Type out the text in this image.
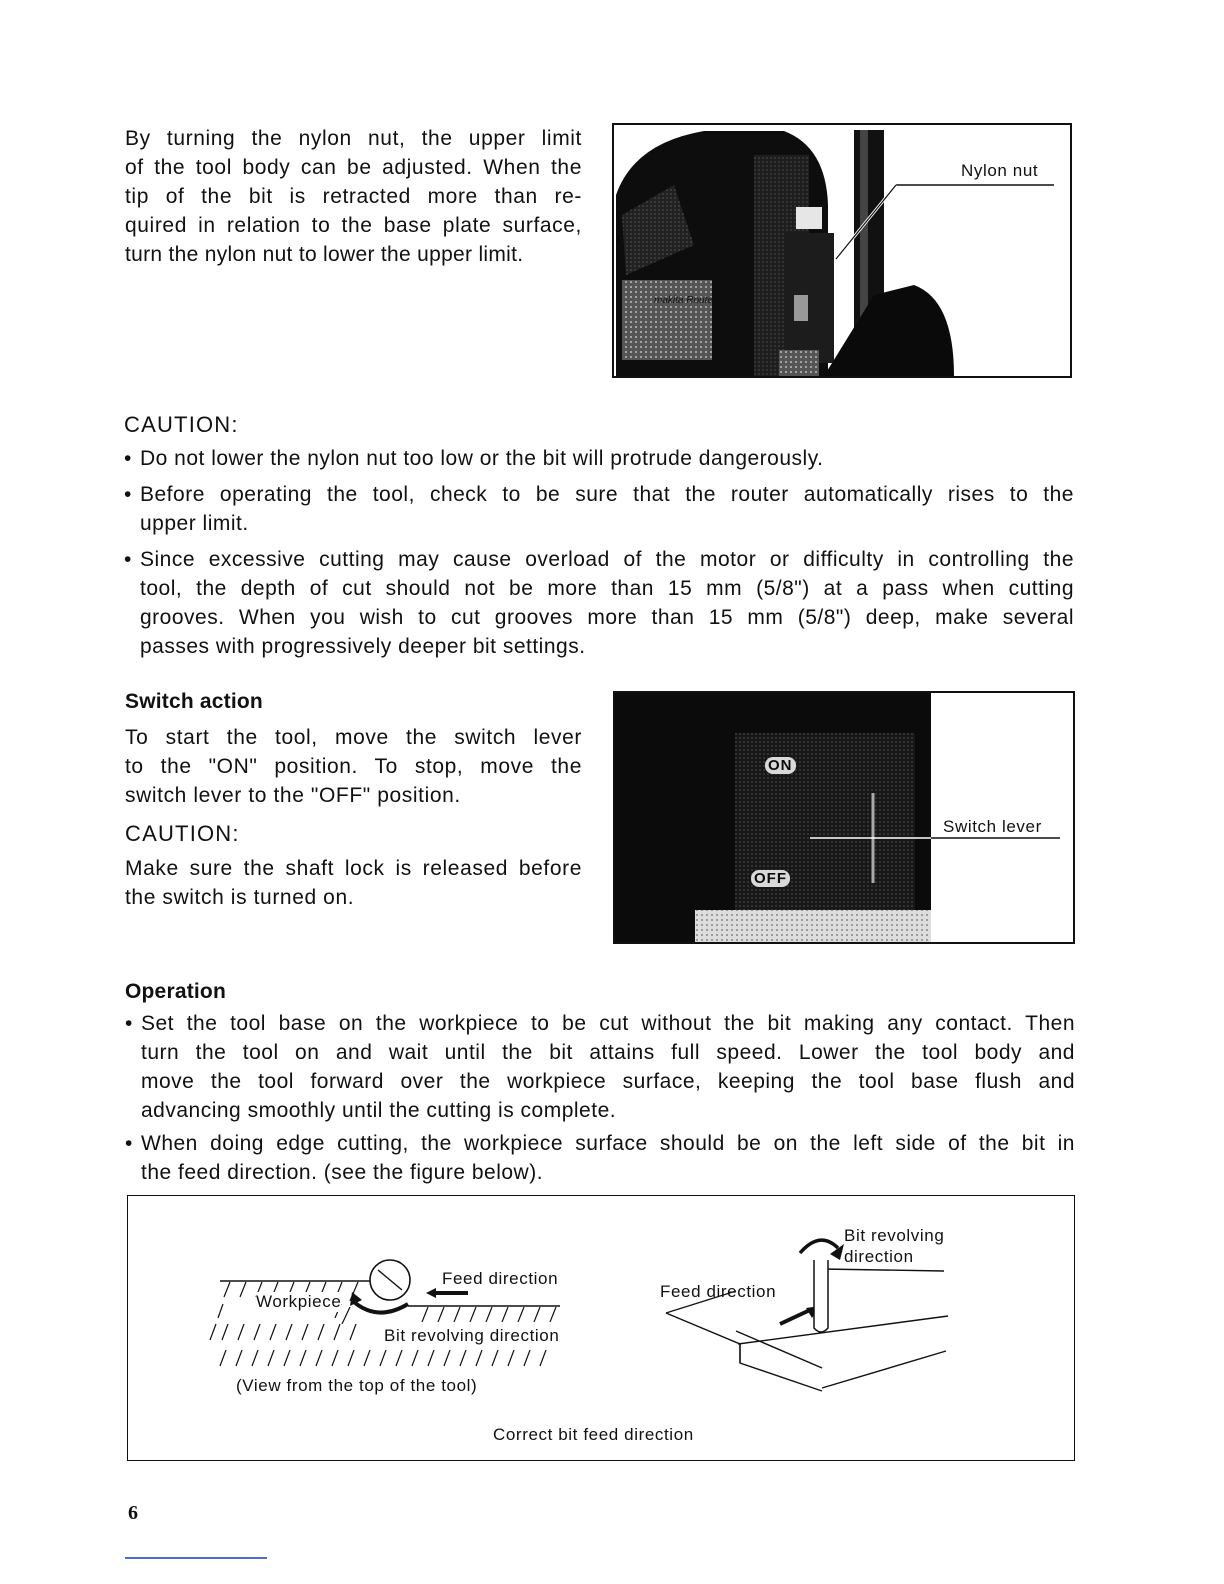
By turning the nylon nut, the upper limit
of the tool body can be adjusted. When the
tip of the bit is retracted more than re-
quired in relation to the base plate surface,
turn the nylon nut to lower the upper limit.
makita Router
Nylon nut
CAUTION:
• Do not lower the nylon nut too low or the bit will protrude dangerously.
• Before operating the tool, check to be sure that the router automatically rises to the
upper limit.
• Since excessive cutting may cause overload of the motor or difficulty in controlling the
tool, the depth of cut should not be more than 15 mm (5/8") at a pass when cutting
grooves. When you wish to cut grooves more than 15 mm (5/8") deep, make several
passes with progressively deeper bit settings.
Switch action
To start the tool, move the switch lever
to the "ON" position. To stop, move the
switch lever to the "OFF" position.
CAUTION:
Make sure the shaft lock is released before
the switch is turned on.
ON
OFF
Switch lever
Operation
• Set the tool base on the workpiece to be cut without the bit making any contact. Then
turn the tool on and wait until the bit attains full speed. Lower the tool body and
move the tool forward over the workpiece surface, keeping the tool base flush and
advancing smoothly until the cutting is complete.
• When doing edge cutting, the workpiece surface should be on the left side of the bit in
the feed direction. (see the figure below).
Feed direction
Workpiece
Bit revolving direction
(View from the top of the tool)
Bit revolving
direction
Feed direction
Correct bit feed direction
6
